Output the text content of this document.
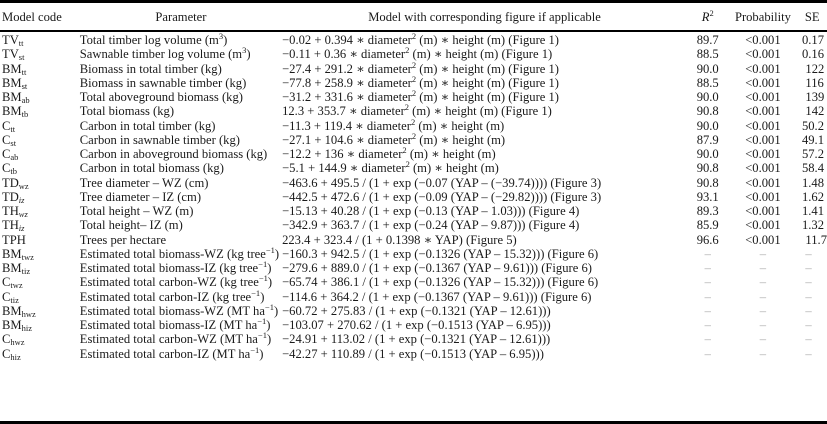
Model code	Parameter	Model with corresponding figure if applicable	$R^2$	Probability	SE
$TV_{tt}$	Total timber log volume $(m^3)$	−0.02 + 0.394 ∗ diameter$^2$ (m) ∗ height (m) (Figure 1)	89.7	<0.001	0.17
$TV_{st}$	Sawnable timber log volume $(m^3)$	−0.11 + 0.36 ∗ diameter$^2$ (m) ∗ height (m) (Figure 1)	88.5	<0.001	0.16
$BM_{tt}$	Biomass in total timber (kg)	−27.4 + 291.2 ∗ diameter$^2$ (m) ∗ height (m) (Figure 1)	90.0	<0.001	122
$BM_{st}$	Biomass in sawnable timber (kg)	−77.8 + 258.9 ∗ diameter$^2$ (m) ∗ height (m) (Figure 1)	88.5	<0.001	116
$BM_{ab}$	Total aboveground biomass (kg)	−31.2 + 331.6 ∗ diameter$^2$ (m) ∗ height (m) (Figure 1)	90.0	<0.001	139
$BM_{tb}$	Total biomass (kg)	12.3 + 353.7 ∗ diameter$^2$ (m) ∗ height (m) (Figure 1)	90.8	<0.001	142
$C_{tt}$	Carbon in total timber (kg)	−11.3 + 119.4 ∗ diameter$^2$ (m) ∗ height (m)	90.0	<0.001	50.2
$C_{st}$	Carbon in sawnable timber (kg)	−27.1 + 104.6 ∗ diameter$^2$ (m) ∗ height (m)	87.9	<0.001	49.1
$C_{ab}$	Carbon in aboveground biomass (kg)	−12.2 + 136 ∗ diameter$^2$ (m) ∗ height (m)	90.0	<0.001	57.2
$C_{tb}$	Carbon in total biomass (kg)	−5.1 + 144.9 ∗ diameter$^2$ (m) ∗ height (m)	90.8	<0.001	58.4
$TD_{wz}$	Tree diameter – WZ (cm)	−463.6 + 495.5 / (1 + exp (−0.07 (YAP – (−39.74)))) (Figure 3)	90.8	<0.001	1.48
$TD_{iz}$	Tree diameter – IZ (cm)	−442.5 + 472.6 / (1 + exp (−0.09 (YAP – (−29.82)))) (Figure 3)	93.1	<0.001	1.62
$TH_{wz}$	Total height – WZ (m)	−15.13 + 40.28 / (1 + exp (−0.13 (YAP – 1.03))) (Figure 4)	89.3	<0.001	1.41
$TH_{iz}$	Total height– IZ (m)	−342.9 + 363.7 / (1 + exp (−0.24 (YAP – 9.87))) (Figure 4)	85.9	<0.001	1.32
TPH	Trees per hectare	223.4 + 323.4 / (1 + 0.1398 ∗ YAP) (Figure 5)	96.6	<0.001	11.7
$BM_{twz}$	Estimated total biomass-WZ (kg tree$^{-1}$)	−160.3 + 942.5 / (1 + exp (−0.1326 (YAP – 15.32))) (Figure 6)	–	–	–
$BM_{tiz}$	Estimated total biomass-IZ (kg tree$^{-1}$)	−279.6 + 889.0 / (1 + exp (−0.1367 (YAP – 9.61))) (Figure 6)	–	–	–
$C_{twz}$	Estimated total carbon-WZ (kg tree$^{-1}$)	−65.74 + 386.1 / (1 + exp (−0.1326 (YAP – 15.32))) (Figure 6)	–	–	–
$C_{tiz}$	Estimated total carbon-IZ (kg tree$^{-1}$)	−114.6 + 364.2 / (1 + exp (−0.1367 (YAP – 9.61))) (Figure 6)	–	–	–
$BM_{hwz}$	Estimated total biomass-WZ (MT $ha^{-1}$)	−60.72 + 275.83 / (1 + exp (−0.1321 (YAP – 12.61)))	–	–	–
$BM_{hiz}$	Estimated total biomass-IZ (MT $ha^{-1}$)	−103.07 + 270.62 / (1 + exp (−0.1513 (YAP – 6.95)))	–	–	–
$C_{hwz}$	Estimated total carbon-WZ (MT $ha^{-1}$)	−24.91 + 113.02 / (1 + exp (−0.1321 (YAP – 12.61)))	–	–	–
$C_{hiz}$	Estimated total carbon-IZ (MT $ha^{-1}$)	−42.27 + 110.89 / (1 + exp (−0.1513 (YAP – 6.95)))	–	–	–
